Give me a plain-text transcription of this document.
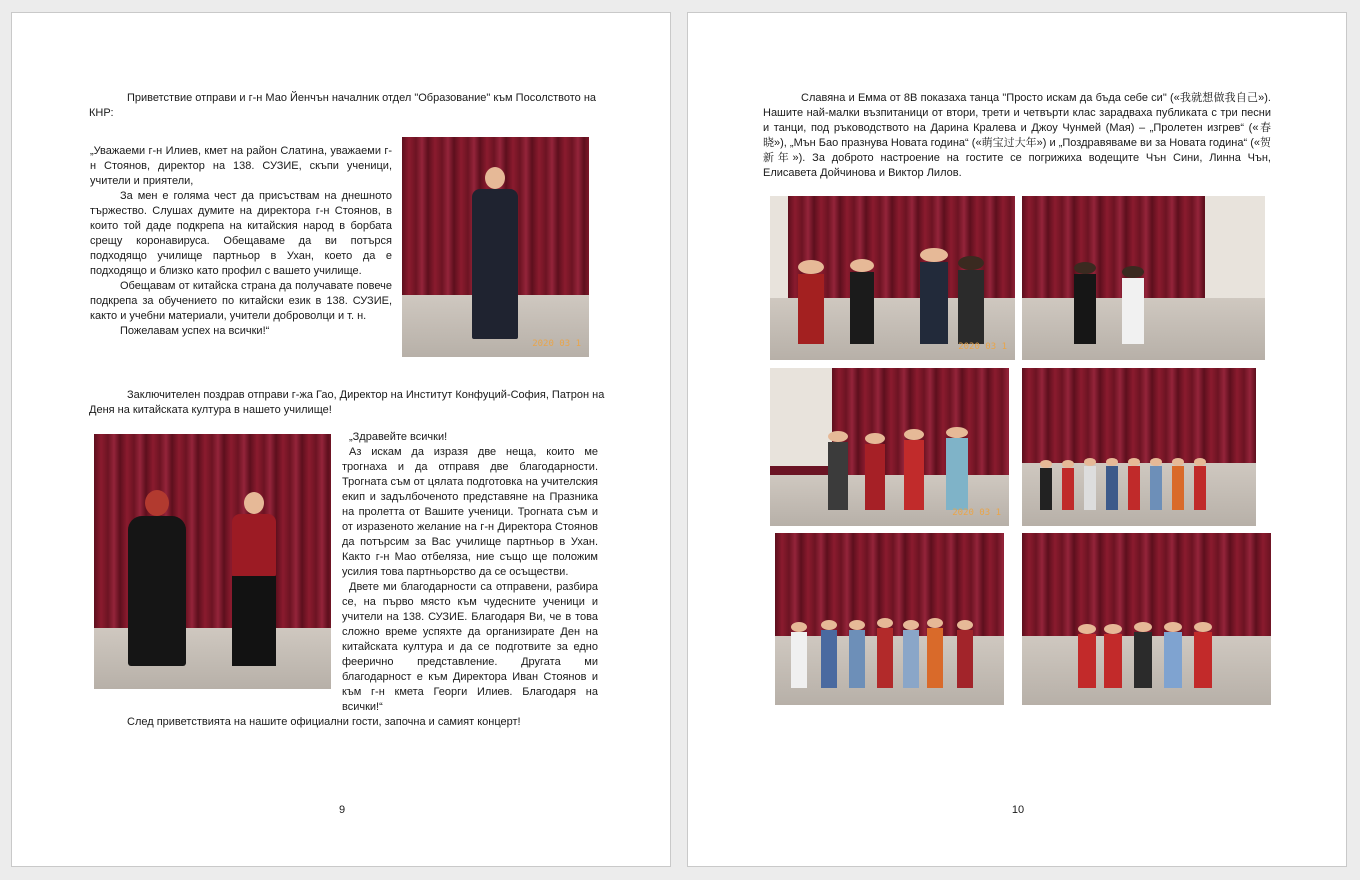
Приветствие отправи и г-н Мао Йенчън началник отдел "Образование" към Посолството на КНР:

„Уважаеми г-н Илиев, кмет на район Слатина, уважаеми г-н Стоянов, директор на 138. СУЗИЕ, скъпи ученици, учители и приятели,

За мен е голяма чест да присъствам на днешното тържество. Слушах думите на директора г-н Стоянов, в които той даде подкрепа на китайския народ в борбата срещу коронавируса. Обещаваме да ви потърся подходящо училище партньор в Ухан, което да е подходящо и близко като профил с вашето училище.

Обещавам от китайска страна да получавате повече подкрепа за обучението по китайски език в 138. СУЗИЕ, както и учебни материали, учители доброволци и т. н.

Пожелавам успех на всички!“

2020 03 1

Заключителен поздрав отправи г-жа Гао, Директор на Институт Конфуций-София, Патрон на Деня на китайската култура в нашето училище!

„Здравейте всички!

Аз искам да изразя две неща, които ме трогнаха и да отправя две благодарности. Трогната съм от цялата подготовка на учителския екип и задълбоченото представяне на Празника на пролетта от Вашите ученици. Трогната съм и от изразеното желание на г-н Директора Стоянов да потърсим за Вас училище партньор в Ухан. Както г-н Мао отбеляза, ние също ще положим усилия това партньорство да се осъществи.

Двете ми благодарности са отправени, разбира се, на първо място към чудесните ученици и учители на 138. СУЗИЕ. Благодаря Ви, че в това сложно време успяхте да организирате Ден на китайската култура и да се подготвите за едно фееричнo представление. Другата ми благодарност е към Директора Иван Стоянов и към г-н кмета Георги Илиев. Благодаря на всички!“

След приветствията на нашите официални гости, започна и самият концерт!

9

Славяна и Емма от 8В показаха танца "Просто искам да бъда себе си" («我就想做我自己»). Нашите най-малки възпитаници от втори, трети и четвърти клас зарадваха публиката с три песни и танци, под ръководството на Дарина Кралева и Джоу Чунмей (Мая) – „Пролетен изгрев“ («春晓»), „Мън Бао празнува Новата година“ («萌宝过大年») и „Поздравяваме ви за Новата година“ («贺新年»). За доброто настроение на гостите се погрижиха водещите Чън Сини, Линна Чън, Елисавета Дойчинова и Виктор Лилов.

2020 03 1
2020 03 1
10
